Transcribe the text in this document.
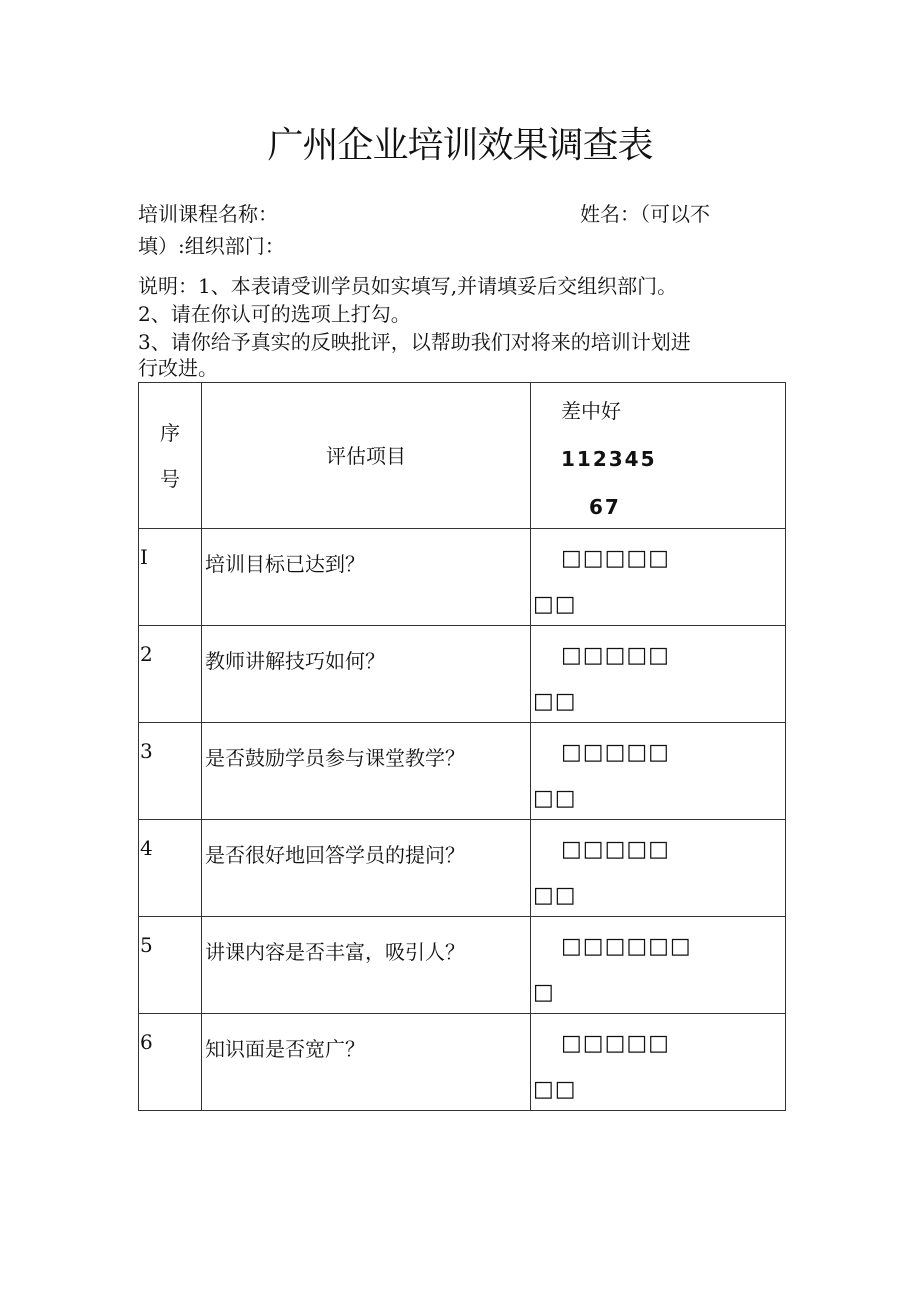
广州企业培训效果调查表
培训课程名称：	姓名：（可以不
填）:组织部门：
说明：1、本表请受训学员如实填写,并请填妥后交组织部门。
2、请在你认可的选项上打勾。
3、请你给予真实的反映批评，以帮助我们对将来的培训计划进
行改进。
序
号	评估项目	差中好
112345
67

I	培训目标已达到？	□□□□□
□□

2	教师讲解技巧如何？	□□□□□
□□

3	是否鼓励学员参与课堂教学？	□□□□□
□□

4	是否很好地回答学员的提问？	□□□□□
□□

5	讲课内容是否丰富，吸引人？	□□□□□□
□

6	知识面是否宽广？	□□□□□
□□
